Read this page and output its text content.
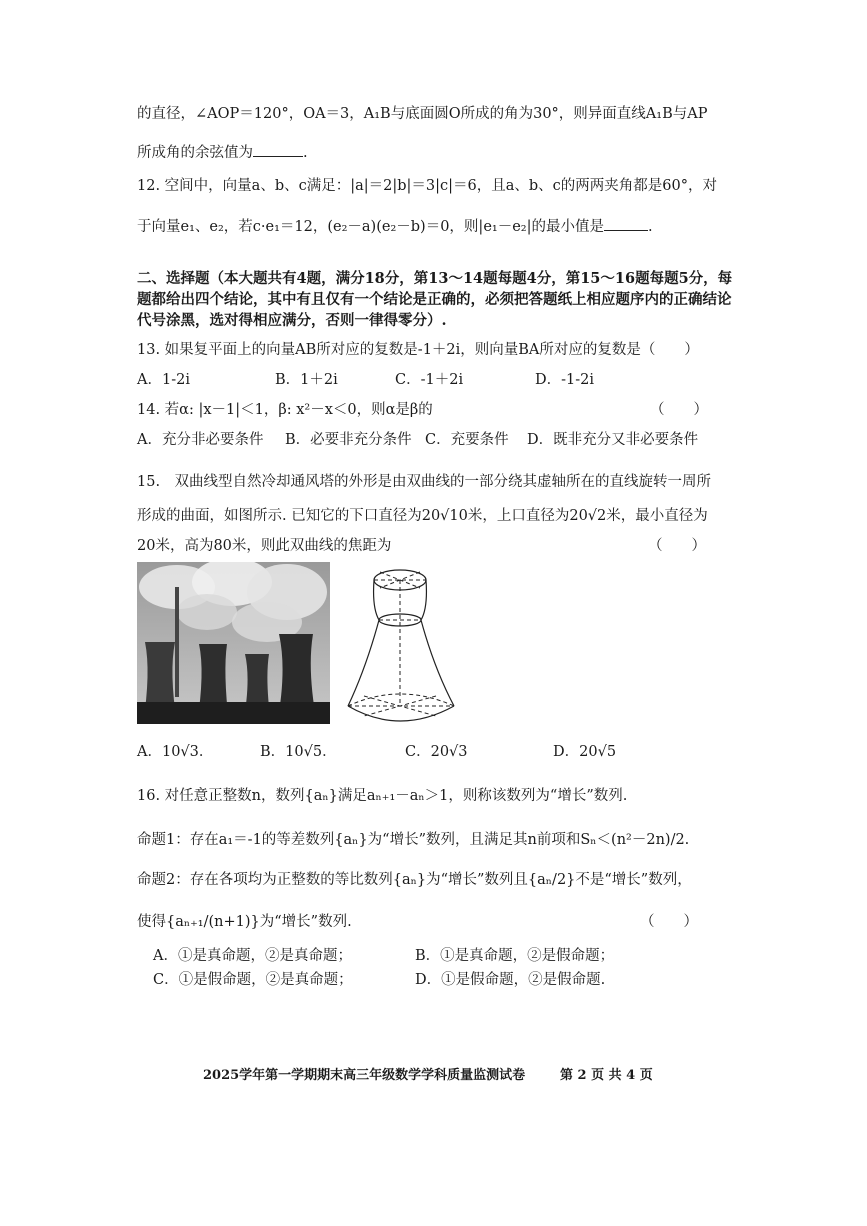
的直径，∠AOP＝120°，OA＝3，A₁B与底面圆O所成的角为30°，则异面直线A₁B与AP
所成角的余弦值为	.
12. 空间中，向量a、b、c满足：|a|＝2|b|＝3|c|＝6，且a、b、c的两两夹角都是60°，对
于向量e₁、e₂，若c·e₁＝12，(e₂－a)(e₂－b)＝0，则|e₁－e₂|的最小值是	.
二、选择题（本大题共有4题，满分18分，第13～14题每题4分，第15～16题每题5分，每题都给出四个结论，其中有且仅有一个结论是正确的，必须把答题纸上相应题序内的正确结论代号涂黑，选对得相应满分，否则一律得零分）.
13. 如果复平面上的向量AB所对应的复数是-1＋2i，则向量BA所对应的复数是（　　）
A．1-2i	B．1＋2i	C．-1＋2i	D．-1-2i
14. 若α: |x－1|＜1，β: x²－x＜0，则α是β的	（　　）
A．充分非必要条件 B．必要非充分条件 C．充要条件 D．既非充分又非必要条件
15.　双曲线型自然冷却通风塔的外形是由双曲线的一部分绕其虚轴所在的直线旋转一周所
形成的曲面，如图所示. 已知它的下口直径为20√10米，上口直径为20√2米，最小直径为
20米，高为80米，则此双曲线的焦距为	（　　）
A．10√3．	B．10√5．	C．20√3	D．20√5
16. 对任意正整数n，数列{aₙ}满足aₙ₊₁－aₙ＞1，则称该数列为“增长”数列.
命题1：存在a₁＝-1的等差数列{aₙ}为“增长”数列，且满足其n前项和Sₙ＜(n²－2n)/2.
命题2：存在各项均为正整数的等比数列{aₙ}为“增长”数列且{aₙ/2}不是“增长”数列，
使得{aₙ₊₁/(n+1)}为“增长”数列.	（　　）
A．①是真命题，②是真命题；	B．①是真命题，②是假命题；
C．①是假命题，②是真命题；	D．①是假命题，②是假命题.
2025学年第一学期期末高三年级数学学科质量监测试卷	第 2 页 共 4 页
